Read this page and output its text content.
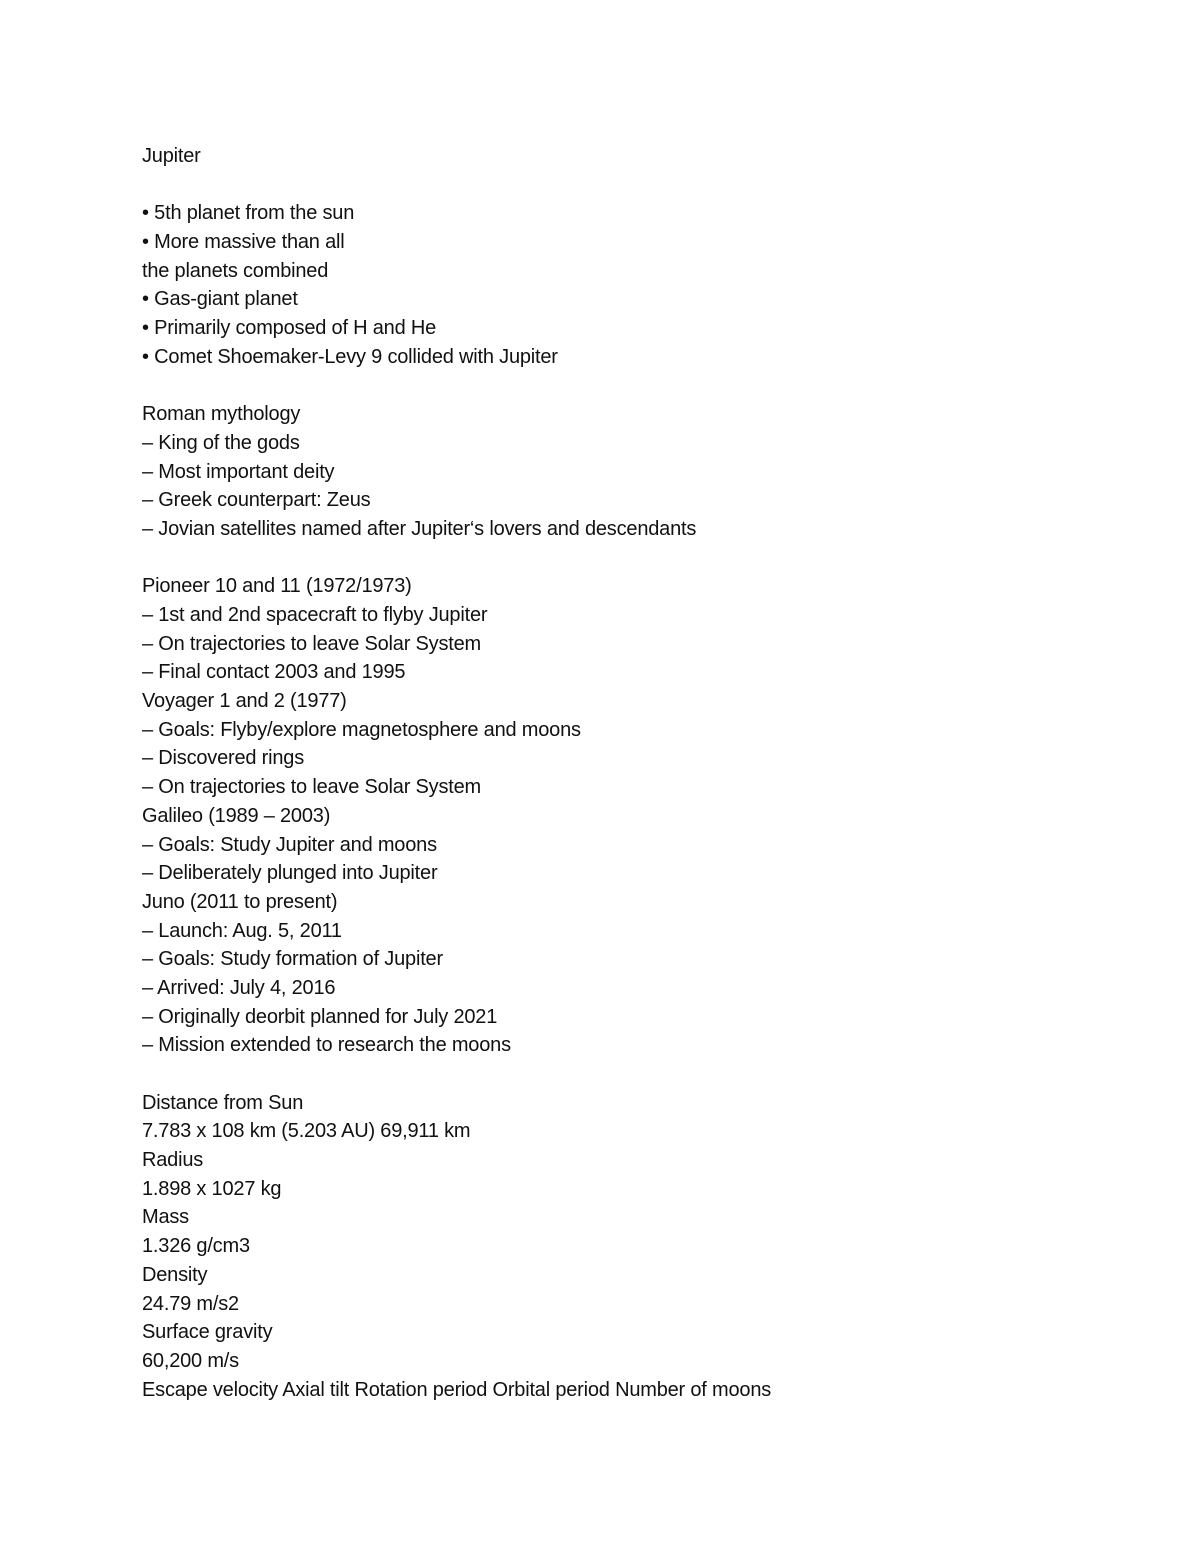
Jupiter
• 5th planet from the sun
• More massive than all
the planets combined
• Gas-giant planet
• Primarily composed of H and He
• Comet Shoemaker-Levy 9 collided with Jupiter
Roman mythology
– King of the gods
– Most important deity
– Greek counterpart: Zeus
– Jovian satellites named after Jupiter‘s lovers and descendants
Pioneer 10 and 11 (1972/1973)
– 1st and 2nd spacecraft to flyby Jupiter
– On trajectories to leave Solar System
– Final contact 2003 and 1995
Voyager 1 and 2 (1977)
– Goals: Flyby/explore magnetosphere and moons
– Discovered rings
– On trajectories to leave Solar System
Galileo (1989 – 2003)
– Goals: Study Jupiter and moons
– Deliberately plunged into Jupiter
Juno (2011 to present)
– Launch: Aug. 5, 2011
– Goals: Study formation of Jupiter
– Arrived: July 4, 2016
– Originally deorbit planned for July 2021
– Mission extended to research the moons
Distance from Sun
7.783 x 108 km (5.203 AU) 69,911 km
Radius
1.898 x 1027 kg
Mass
1.326 g/cm3
Density
24.79 m/s2
Surface gravity
60,200 m/s
Escape velocity Axial tilt Rotation period Orbital period Number of moons
